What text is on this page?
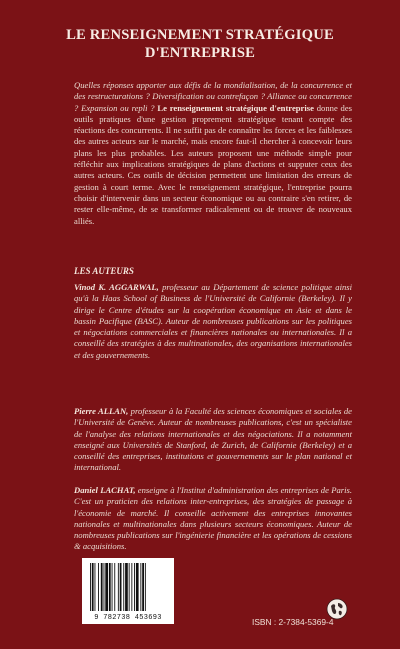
LE RENSEIGNEMENT STRATÉGIQUE
D'ENTREPRISE
Quelles réponses apporter aux défis de la mondialisation, de la concurrence et des restructurations ? Diversification ou contrefaçon ? Alliance ou concurrence ? Expansion ou repli ? Le renseignement stratégique d'entreprise donne des outils pratiques d'une gestion proprement stratégique tenant compte des réactions des concurrents. Il ne suffit pas de connaître les forces et les faiblesses des autres acteurs sur le marché, mais encore faut-il chercher à concevoir leurs plans les plus probables. Les auteurs proposent une méthode simple pour réfléchir aux implications stratégiques de plans d'actions et supputer ceux des autres acteurs. Ces outils de décision permettent une limitation des erreurs de gestion à court terme. Avec le renseignement stratégique, l'entreprise pourra choisir d'intervenir dans un secteur économique ou au contraire s'en retirer, de rester elle-même, de se transformer radicalement ou de trouver de nouveaux alliés.
LES AUTEURS
Vinod K. AGGARWAL, professeur au Département de science politique ainsi qu'à la Haas School of Business de l'Université de Californie (Berkeley). Il y dirige le Centre d'études sur la coopération économique en Asie et dans le bassin Pacifique (BASC). Auteur de nombreuses publications sur les politiques et négociations commerciales et financières nationales ou internationales. Il a conseillé des stratégies à des multinationales, des organisations internationales et des gouvernements.
Pierre ALLAN, professeur à la Faculté des sciences économiques et sociales de l'Université de Genève. Auteur de nombreuses publications, c'est un spécialiste de l'analyse des relations internationales et des négociations. Il a notamment enseigné aux Universités de Stanford, de Zurich, de Californie (Berkeley) et a conseillé des entreprises, institutions et gouvernements sur le plan national et international.
Daniel LACHAT, enseigne à l'Institut d'administration des entreprises de Paris. C'est un praticien des relations inter-entreprises, des stratégies de passage à l'économie de marché. Il conseille activement des entreprises innovantes nationales et multinationales dans plusieurs secteurs économiques. Auteur de nombreuses publications sur l'ingénierie financière et les opérations de cessions & acquisitions.
9 782738 453693	ISBN : 2-7384-5369-4
